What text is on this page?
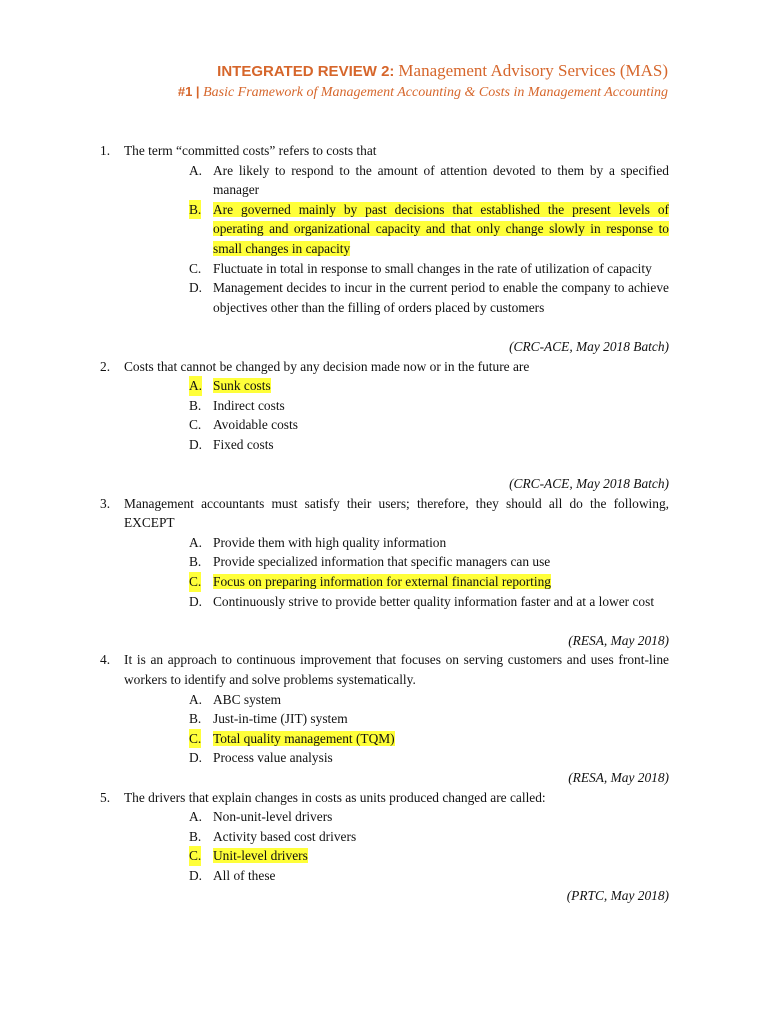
INTEGRATED REVIEW 2: Management Advisory Services (MAS)
#1 | Basic Framework of Management Accounting & Costs in Management Accounting
1. The term “committed costs” refers to costs that
A. Are likely to respond to the amount of attention devoted to them by a specified manager
B. Are governed mainly by past decisions that established the present levels of operating and organizational capacity and that only change slowly in response to small changes in capacity
C. Fluctuate in total in response to small changes in the rate of utilization of capacity
D. Management decides to incur in the current period to enable the company to achieve objectives other than the filling of orders placed by customers
(CRC-ACE, May 2018 Batch)
2. Costs that cannot be changed by any decision made now or in the future are
A. Sunk costs
B. Indirect costs
C. Avoidable costs
D. Fixed costs
(CRC-ACE, May 2018 Batch)
3. Management accountants must satisfy their users; therefore, they should all do the following, EXCEPT
A. Provide them with high quality information
B. Provide specialized information that specific managers can use
C. Focus on preparing information for external financial reporting
D. Continuously strive to provide better quality information faster and at a lower cost
(RESA, May 2018)
4. It is an approach to continuous improvement that focuses on serving customers and uses front-line workers to identify and solve problems systematically.
A. ABC system
B. Just-in-time (JIT) system
C. Total quality management (TQM)
D. Process value analysis
(RESA, May 2018)
5. The drivers that explain changes in costs as units produced changed are called:
A. Non-unit-level drivers
B. Activity based cost drivers
C. Unit-level drivers
D. All of these
(PRTC, May 2018)
